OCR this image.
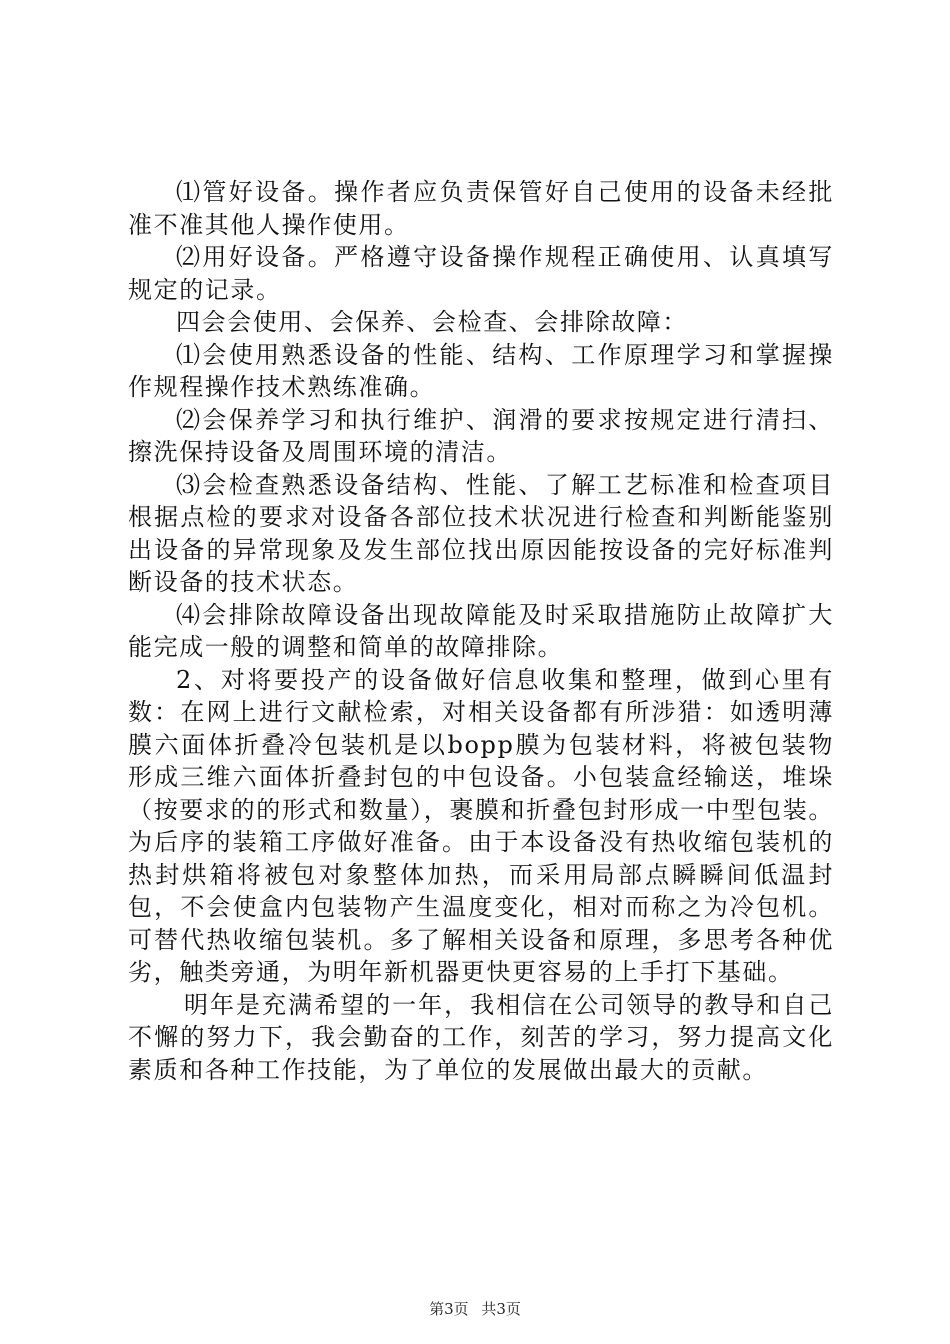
⑴管好设备。操作者应负责保管好自己使用的设备未经批准不准其他人操作使用。

⑵用好设备。严格遵守设备操作规程正确使用、认真填写规定的记录。

四会会使用、会保养、会检查、会排除故障：

⑴会使用熟悉设备的性能、结构、工作原理学习和掌握操作规程操作技术熟练准确。

⑵会保养学习和执行维护、润滑的要求按规定进行清扫、擦洗保持设备及周围环境的清洁。

⑶会检查熟悉设备结构、性能、了解工艺标准和检查项目根据点检的要求对设备各部位技术状况进行检查和判断能鉴别出设备的异常现象及发生部位找出原因能按设备的完好标准判断设备的技术状态。

⑷会排除故障设备出现故障能及时采取措施防止故障扩大能完成一般的调整和简单的故障排除。

2、对将要投产的设备做好信息收集和整理，做到心里有数：在网上进行文献检索，对相关设备都有所涉猎：如透明薄膜六面体折叠冷包装机是以bopp膜为包装材料，将被包装物形成三维六面体折叠封包的中包设备。小包装盒经输送，堆垛（按要求的的形式和数量），裹膜和折叠包封形成一中型包装。为后序的装箱工序做好准备。由于本设备没有热收缩包装机的热封烘箱将被包对象整体加热，而采用局部点瞬瞬间低温封包，不会使盒内包装物产生温度变化，相对而称之为冷包机。可替代热收缩包装机。多了解相关设备和原理，多思考各种优劣，触类旁通，为明年新机器更快更容易的上手打下基础。

明年是充满希望的一年，我相信在公司领导的教导和自己不懈的努力下，我会勤奋的工作，刻苦的学习，努力提高文化素质和各种工作技能，为了单位的发展做出最大的贡献。

第3页 共3页
